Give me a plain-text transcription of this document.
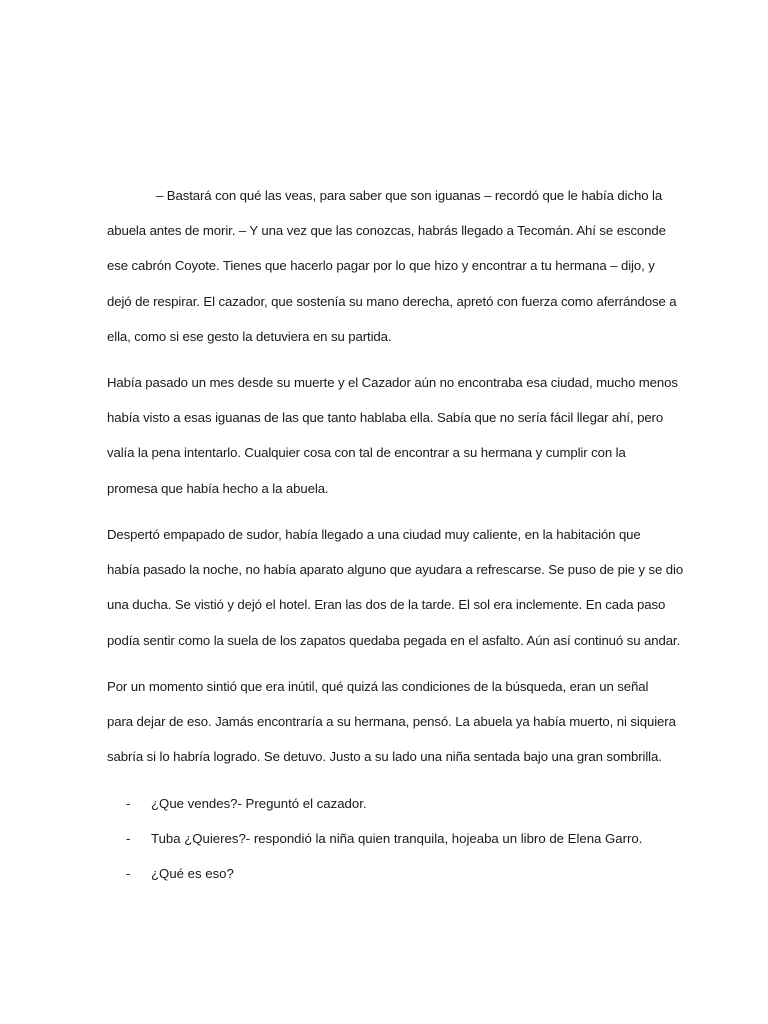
– Bastará con qué las veas, para saber que son iguanas – recordó que le había dicho la
abuela antes de morir. – Y una vez que las conozcas, habrás llegado a Tecomán. Ahí se esconde
ese cabrón Coyote. Tienes que hacerlo pagar por lo que hizo y encontrar a tu hermana – dijo, y
dejó de respirar. El cazador, que sostenía su mano derecha, apretó con fuerza como aferrándose a
ella, como si ese gesto la detuviera en su partida.
Había pasado un mes desde su muerte y el Cazador aún no encontraba esa ciudad, mucho menos
había visto a esas iguanas de las que tanto hablaba ella. Sabía que no sería fácil llegar ahí, pero
valía la pena intentarlo. Cualquier cosa con tal de encontrar a su hermana y cumplir con la
promesa que había hecho a la abuela.
Despertó empapado de sudor, había llegado a una ciudad muy caliente, en la habitación que
había pasado la noche, no había aparato alguno que ayudara a refrescarse. Se puso de pie y se dio
una ducha. Se vistió y dejó el hotel. Eran las dos de la tarde. El sol era inclemente. En cada paso
podía sentir como la suela de los zapatos quedaba pegada en el asfalto. Aún así continuó su andar.
Por un momento sintió que era inútil, qué quizá las condiciones de la búsqueda, eran un señal
para dejar de eso. Jamás encontraría a su hermana, pensó. La abuela ya había muerto, ni siquiera
sabría si lo habría logrado. Se detuvo. Justo a su lado una niña sentada bajo una gran sombrilla.
- ¿Que vendes?- Preguntó el cazador.
- Tuba ¿Quieres?- respondió la niña quien tranquila, hojeaba un libro de Elena Garro.
- ¿Qué es eso?
